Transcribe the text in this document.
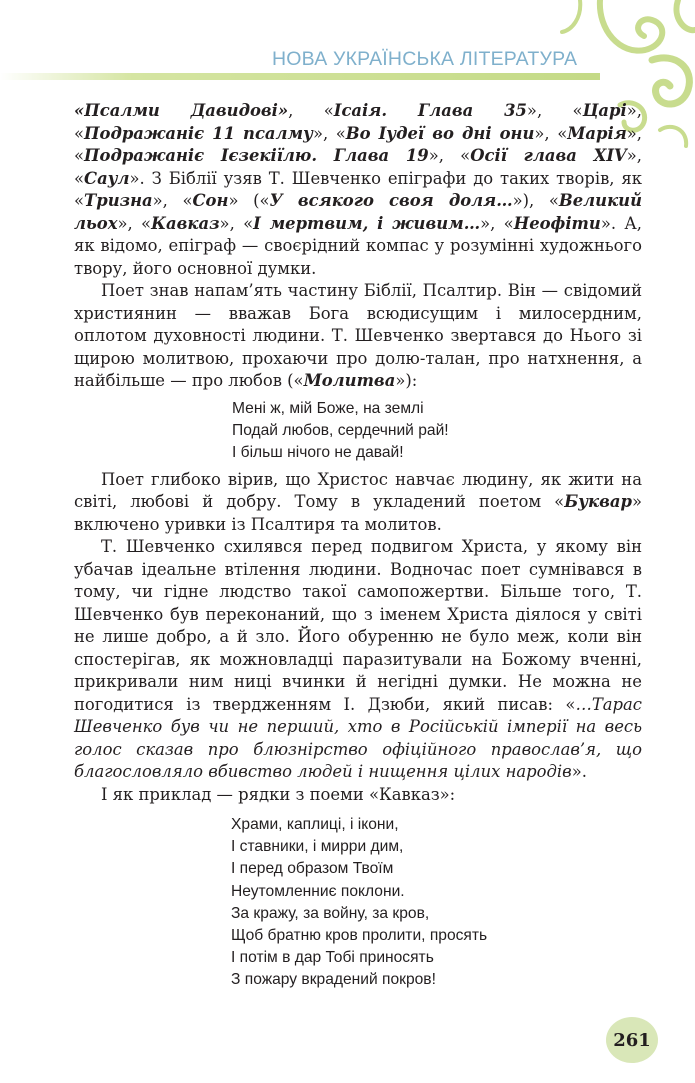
НОВА УКРАЇНСЬКА ЛІТЕРАТУРА

«Псалми Давидові», «Ісаія. Глава 35», «Царі», «Подражаніє 11 псалму», «Во Іудеї во дні они», «Марія», «Подражаніє Ієзекіїлю. Глава 19», «Осії глава XIV», «Саул». З Біблії узяв Т. Шевченко епіграфи до таких творів, як «Тризна», «Сон» («У всякого своя доля…»), «Великий льох», «Кавказ», «І мертвим, і живим…», «Неофіти». А, як відомо, епіграф — своєрідний компас у розумінні художнього твору, його основної думки.

Поет знав напам’ять частину Біблії, Псалтир. Він — свідомий християнин — вважав Бога всюдисущим і милосердним, оплотом духовності людини. Т. Шевченко звертався до Нього зі щирою молитвою, прохаючи про долю-талан, про натхнення, а найбільше — про любов («Молитва»):

Мені ж, мій Боже, на землі
Подай любов, сердечний рай!
І більш нічого не давай!

Поет глибоко вірив, що Христос навчає людину, як жити на світі, любові й добру. Тому в укладений поетом «Буквар» включено уривки із Псалтиря та молитов.

Т. Шевченко схилявся перед подвигом Христа, у якому він убачав ідеальне втілення людини. Водночас поет сумнівався в тому, чи гідне людство такої самопожертви. Більше того, Т. Шевченко був переконаний, що з іменем Христа діялося у світі не лише добро, а й зло. Його обуренню не було меж, коли він спостерігав, як можновладці паразитували на Божому вченні, прикривали ним ниці вчинки й негідні думки. Не можна не погодитися із твердженням І. Дзюби, який писав: «…Тарас Шевченко був чи не перший, хто в Російській імперії на весь голос сказав про блюзнірство офіційного православ’я, що благословляло вбивство людей і нищення цілих народів».

І як приклад — рядки з поеми «Кавказ»:

Храми, каплиці, і ікони,
І ставники, і мирри дим,
І перед образом Твоїм
Неутомленниє поклони.
За кражу, за войну, за кров,
Щоб братню кров пролити, просять
І потім в дар Тобі приносять
З пожару вкрадений покров!
261
